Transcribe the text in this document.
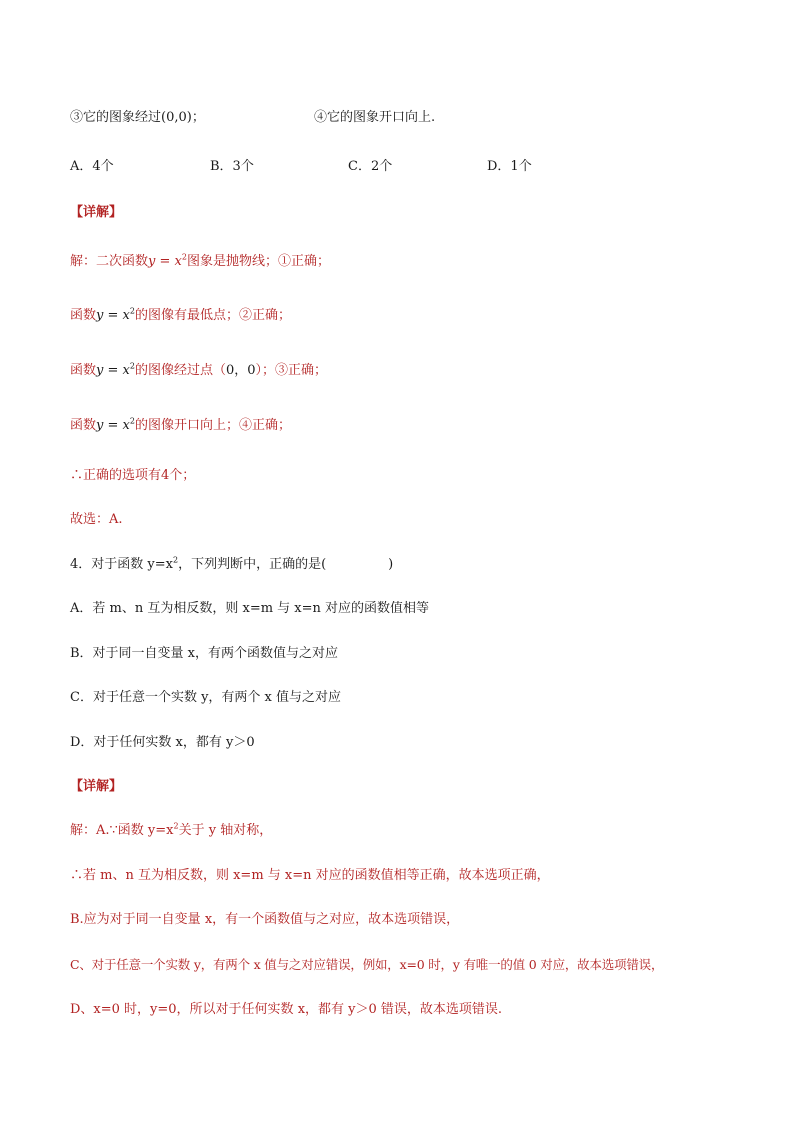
③它的图象经过(0,0)；	④它的图象开口向上.
A．4个	B．3个	C．2个	D．1个
【详解】
解：二次函数$y = x^2$图象是抛物线；①正确；
函数$y = x^2$的图像有最低点；②正确；
函数$y = x^2$的图像经过点（0，0）；③正确；
函数$y = x^2$的图像开口向上；④正确；
∴正确的选项有4个；
故选：A.
4．对于函数 $y=x^2$，下列判断中，正确的是(	)
A．若 m、n 互为相反数，则 x=m 与 x=n 对应的函数值相等
B．对于同一自变量 x，有两个函数值与之对应
C．对于任意一个实数 y，有两个 x 值与之对应
D．对于任何实数 x，都有 y＞0
【详解】
解：A.∵函数 $y=x^2$关于 y 轴对称，
∴若 m、n 互为相反数，则 x=m 与 x=n 对应的函数值相等正确，故本选项正确，
B.应为对于同一自变量 x，有一个函数值与之对应，故本选项错误，
C、对于任意一个实数 y，有两个 x 值与之对应错误，例如，x=0 时，y 有唯一的值 0 对应，故本选项错误，
D、x=0 时，y=0，所以对于任何实数 x，都有 y＞0 错误，故本选项错误.
